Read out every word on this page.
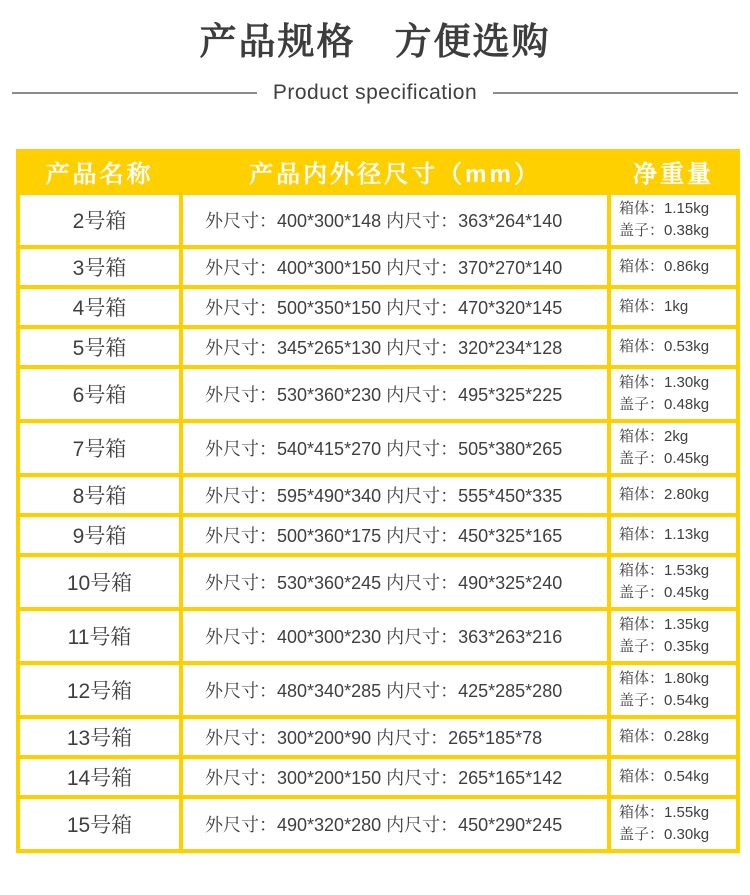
产品规格　方便选购
Product specification
产品名称	产品内外径尺寸（mm）	净重量
2号箱	外尺寸：400*300*148 内尺寸：363*264*140	箱体：1.15kg
盖子：0.38kg

3号箱	外尺寸：400*300*150 内尺寸：370*270*140	箱体：0.86kg

4号箱	外尺寸：500*350*150 内尺寸：470*320*145	箱体：1kg

5号箱	外尺寸：345*265*130 内尺寸：320*234*128	箱体：0.53kg

6号箱	外尺寸：530*360*230 内尺寸：495*325*225	箱体：1.30kg
盖子：0.48kg

7号箱	外尺寸：540*415*270 内尺寸：505*380*265	箱体：2kg
盖子：0.45kg

8号箱	外尺寸：595*490*340 内尺寸：555*450*335	箱体：2.80kg

9号箱	外尺寸：500*360*175 内尺寸：450*325*165	箱体：1.13kg

10号箱	外尺寸：530*360*245 内尺寸：490*325*240	箱体：1.53kg
盖子：0.45kg

11号箱	外尺寸：400*300*230 内尺寸：363*263*216	箱体：1.35kg
盖子：0.35kg

12号箱	外尺寸：480*340*285 内尺寸：425*285*280	箱体：1.80kg
盖子：0.54kg

13号箱	外尺寸：300*200*90 内尺寸：265*185*78	箱体：0.28kg

14号箱	外尺寸：300*200*150 内尺寸：265*165*142	箱体：0.54kg

15号箱	外尺寸：490*320*280 内尺寸：450*290*245	箱体：1.55kg
盖子：0.30kg
